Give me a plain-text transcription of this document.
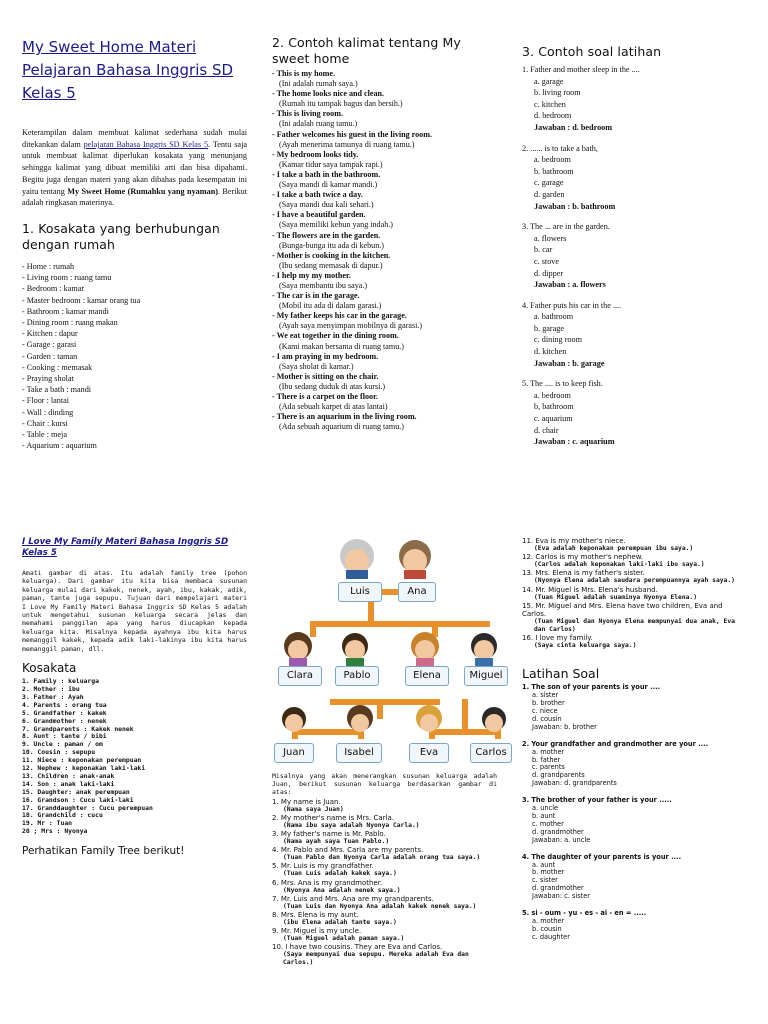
My Sweet Home Materi Pelajaran Bahasa Inggris SD Kelas 5
Keterampilan dalam membuat kalimat sederhana sudah mulai ditekankan dalam pelajaran Bahasa Inggris SD Kelas 5. Tentu saja untuk membuat kalimat diperlukan kosakata yang menunjang sehingga kalimat yang dibuat memiliki arti dan bisa dipahami. Begitu juga dengan materi yang akan dibahas pada kesempatan ini yaitu tentang My Sweet Home (Rumahku yang nyaman). Berikut adalah ringkasan materinya.
1. Kosakata yang berhubungan dengan rumah
- Home : rumah
- Living room : ruang tamu
- Bedroom : kamar
- Master bedroom : kamar orang tua
- Bathroom : kamar mandi
- Dining room : ruang makan
- Kitchen : dapur
- Garage : garasi
- Garden : taman
- Cooking : memasak
- Praying sholat
- Take a bath : mandi
- Floor : lantai
- Wall : dinding
- Chair : kursi
- Table : meja
- Aquarium : aquarium
2. Contoh kalimat tentang My sweet home
- This is my home.
(Ini adalah rumah saya.)
- The home looks nice and clean.
(Rumah itu tampak bagus dan bersih.)
- This is living room.
(Ini adalah ruang tamu.)
- Father welcomes his guest in the living room.
(Ayah menerima tamunya di ruang tamu.)
- My bedroom looks tidy.
(Kamar tidur saya tampak rapi.)
- I take a bath in the bathroom.
(Saya mandi di kamar mandi.)
- I take a bath twice a day.
(Saya mandi dua kali sehari.)
- I have a beautiful garden.
(Saya memiliki kebun yang indah.)
- The flowers are in the garden.
(Bunga-bunga itu ada di kebun.)
- Mother is cooking in the kitchen.
(Ibu sedang memasak di dapur.)
- I help my my mother.
(Saya membantu ibu saya.)
- The car is in the garage.
(Mobil itu ada di dalam garasi.)
- My father keeps his car in the garage.
(Ayah saya menyimpan mobilnya di garasi.)
- We eat together in the dining room.
(Kami makan bersama di ruang tamu.)
- I am praying in my bedroom.
(Saya sholat di kamar.)
- Mother is sitting on the chair.
(Ibu sedang duduk di atas kursi.)
- There is a carpet on the floor.
(Ada sebuah karpet di atas lantai)
- There is an aquarium in the living room.
(Ada sebuah aquarium di ruang tamu.)
3. Contoh soal latihan
1. Father and mother sleep in the ....
a. garage
b. living room
c. kitchen
d. bedroom
Jawaban : d. bedroom
2. ...... is to take a bath,
a. bedroom
b. bathroom
c. garage
d. garden
Jawaban : b. bathroom
3. The ... are in the garden.
a. flowers
b. car
c. stove
d. dipper
Jawaban : a. flowers
4. Father puts his car in the ....
a. bathroom
b. garage
c. dining room
d. kitchen
Jawaban : b. garage
5. The .... is to keep fish.
a. bedroom
b, bathroom
c. aquarium
d. chair
Jawaban : c. aquarium
I Love My Family Materi Bahasa Inggris SD Kelas 5
Amati gambar di atas. Itu adalah family tree (pohon keluarga). Dari gambar itu kita bisa membaca susunan keluarga mulai dari kakek, nenek, ayah, ibu, kakak, adik, paman, tante juga sepupu. Tujuan dari mempelajari materi I Love My Family Materi Bahasa Inggris SD Kelas 5 adalah untuk mengetahui susunan keluarga secara jelas dan memahami panggilan apa yang harus diucapkan kepada keluarga kita. Misalnya kepada ayahnya ibu kita harus memanggil kakek, kepada adik laki-lakinya ibu kita harus memanggil paman, dll.
Kosakata
1. Family : keluarga
2. Mother : ibu
3. Father : Ayah
4. Parents : orang tua
5. Grandfather : kakek
6. Grandmother : nenek
7. Grandparents : Kakek nenek
8. Aunt : tante / bibi
9. Uncle : paman / om
10. Cousin : sepupu
11. Niece : keponakan perempuan
12. Nephew : keponakan laki-laki
13. Children : anak-anak
14. Son : anak laki-laki
15. Daughter: anak perempuan
16. Grandson : Cucu laki-laki
17. Granddaughter : Cucu perempuan
18. Grandchild : cucu
19. Mr : Tuan
20 ; Mrs : Nyonya
Perhatikan Family Tree berikut!
Luis	Ana
Clara	Pablo	Elena	Miguel
Juan	Isabel	Eva	Carlos
Misalnya yang akan menerangkan susunan keluarga adalah Juan, berikut susunan keluarga berdasarkan gambar di atas:
1. My name is Juan.
(Nama saya Juan)
2. My mother's name is Mrs. Carla.
(Nama ibu saya adalah Nyonya Carla.)
3. My father's name is Mr. Pablo.
(Nama ayah saya Tuan Pablo.)
4. Mr. Pablo and Mrs. Carla are my parents.
(Tuan Pablo dan Nyonya Carla adalah orang tua saya.)
5. Mr. Luis is my grandfather.
(Tuan Luis adalah kakek saya.)
6. Mrs. Ana is my grandmother.
(Nyonya Ana adalah nenek saya.)
7. Mr. Luis and Mrs. Ana are my grandparents.
(Tuan Luis dan Nyonya Ana adalah kakek nenek saya.)
8. Mrs. Elena is my aunt.
(ibu Elena adalah tante saya.)
9. Mr. Miguel is my uncle.
(Tuan Miguel adalah paman saya.)
10. I have two cousins. They are Eva and Carlos.
(Saya mempunyai dua sepupu. Mereka adalah Eva dan Carlos.)
11. Eva is my mother's niece.
(Eva adalah keponakan perempuan ibu saya.)
12. Carlos is my mother's nephew.
(Carlos adalah keponakan laki-laki ibu saya.)
13. Mrs. Elena is my father's sister.
(Nyonya Elena adalah saudara perempuannya ayah saya.)
14. Mr. Miguel is Mrs. Elena's husband.
(Tuan Miguel adalah suaminya Nyonya Elena.)
15. Mr. Miguel and Mrs. Elena have two children, Eva and Carlos.
(Tuan Miguel dan Nyonya Elena mempunyai dua anak, Eva dan Carlos)
16. I love my family.
(Saya cinta keluarga saya.)
Latihan Soal
1. The son of your parents is your ....
a. sister
b. brother
c. niece
d. cousin
Jawaban: b. brother
2. Your grandfather and grandmother are your ....
a. mother
b. father
c. parents
d. grandparents
Jawaban: d. grandparents
3. The brother of your father is your .....
a. uncle
b. aunt
c. mother
d. grandmother
Jawaban: a. uncle
4. The daughter of your parents is your ....
a. aunt
b. mother
c. sister
d. grandmother
Jawaban: c. sister
5. si - oum - yu - es - ai - en = .....
a. mother
b. cousin
c. daughter
